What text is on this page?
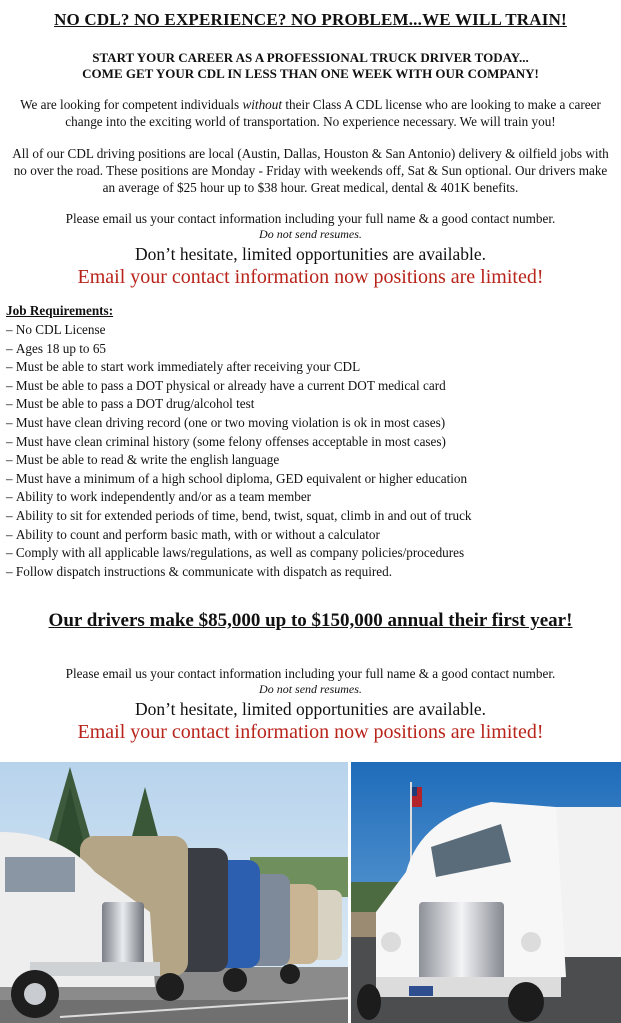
NO CDL? NO EXPERIENCE? NO PROBLEM...WE WILL TRAIN!
START YOUR CAREER AS A PROFESSIONAL TRUCK DRIVER TODAY...
COME GET YOUR CDL IN LESS THAN ONE WEEK WITH OUR COMPANY!
We are looking for competent individuals without their Class A CDL license who are looking to make a career change into the exciting world of transportation. No experience necessary. We will train you!
All of our CDL driving positions are local (Austin, Dallas, Houston & San Antonio) delivery & oilfield jobs with no over the road. These positions are Monday - Friday with weekends off, Sat & Sun optional. Our drivers make an average of $25 hour up to $38 hour. Great medical, dental & 401K benefits.
Please email us your contact information including your full name & a good contact number.
Do not send resumes.
Don’t hesitate, limited opportunities are available.
Email your contact information now positions are limited!
Job Requirements:
– No CDL License
– Ages 18 up to 65
– Must be able to start work immediately after receiving your CDL
– Must be able to pass a DOT physical or already have a current DOT medical card
– Must be able to pass a DOT drug/alcohol test
– Must have clean driving record (one or two moving violation is ok in most cases)
– Must have clean criminal history (some felony offenses acceptable in most cases)
– Must be able to read & write the english language
– Must have a minimum of a high school diploma, GED equivalent or higher education
– Ability to work independently and/or as a team member
– Ability to sit for extended periods of time, bend, twist, squat, climb in and out of truck
– Ability to count and perform basic math, with or without a calculator
– Comply with all applicable laws/regulations, as well as company policies/procedures
– Follow dispatch instructions & communicate with dispatch as required.
Our drivers make $85,000 up to $150,000 annual their first year!
Please email us your contact information including your full name & a good contact number.
Do not send resumes.
Don’t hesitate, limited opportunities are available.
Email your contact information now positions are limited!
